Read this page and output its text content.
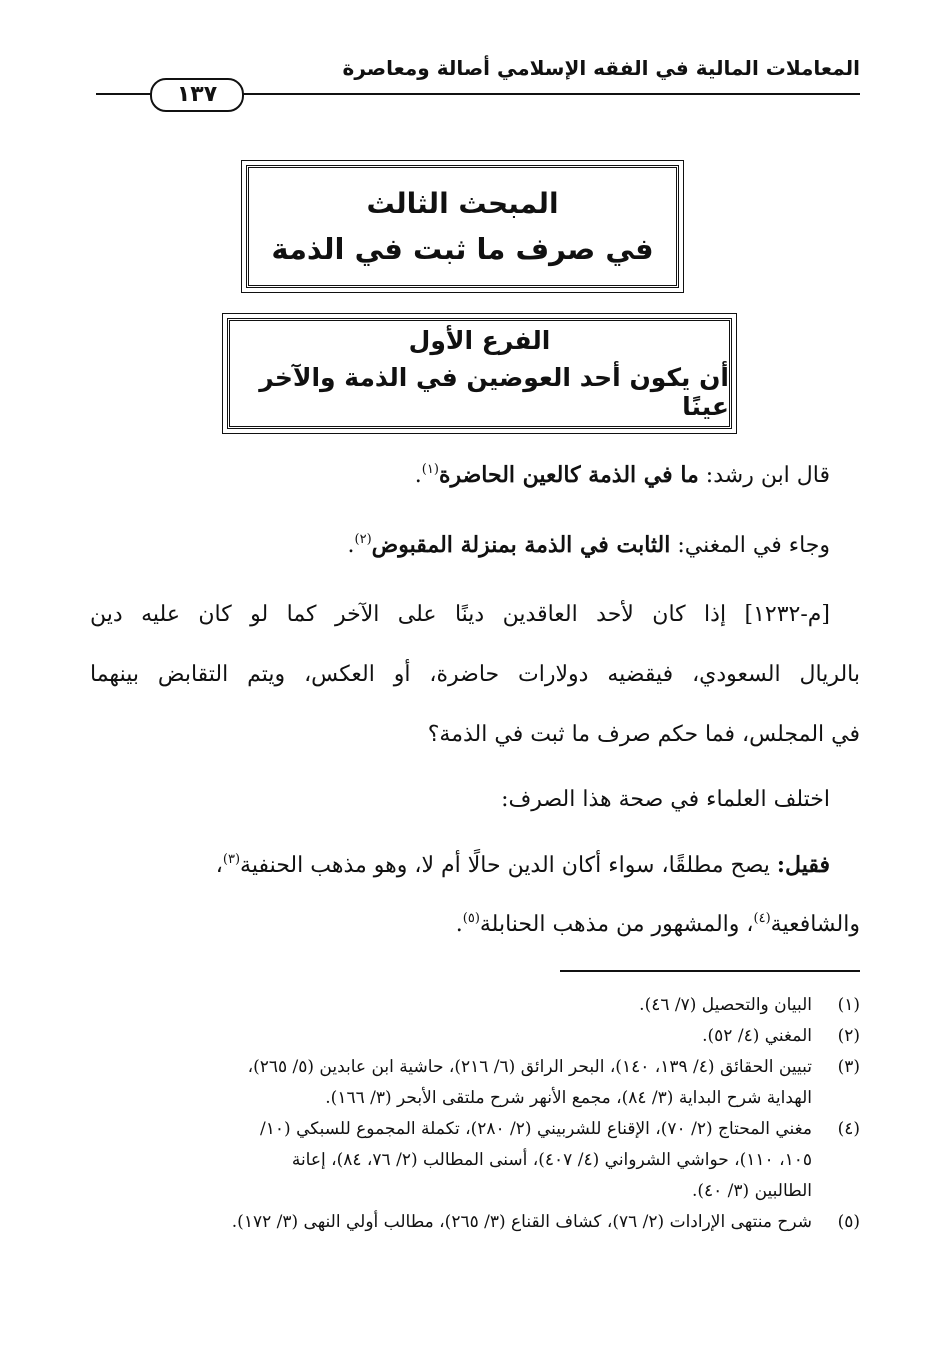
المعاملات المالية في الفقه الإسلامي أصالة ومعاصرة
١٣٧
المبحث الثالث
في صرف ما ثبت في الذمة
الفرع الأول
أن يكون أحد العوضين في الذمة والآخر عينًا
قال ابن رشد: ما في الذمة كالعين الحاضرة$^{(١)}$.
وجاء في المغني: الثابت في الذمة بمنزلة المقبوض$^{(٢)}$.
[م-١٢٣٢] إذا كان لأحد العاقدين دينًا على الآخر كما لو كان عليه دين
بالريال السعودي، فيقضيه دولارات حاضرة، أو العكس، ويتم التقابض بينهما
في المجلس، فما حكم صرف ما ثبت في الذمة؟
اختلف العلماء في صحة هذا الصرف:
فقيل: يصح مطلقًا، سواء أكان الدين حالًا أم لا، وهو مذهب الحنفية$^{(٣)}$،
والشافعية$^{(٤)}$، والمشهور من مذهب الحنابلة$^{(٥)}$.
(١)
البيان والتحصيل (٧/ ٤٦).
(٢)
المغني (٤/ ٥٢).
(٣)
تبيين الحقائق (٤/ ١٣٩، ١٤٠)، البحر الرائق (٦/ ٢١٦)، حاشية ابن عابدين (٥/ ٢٦٥)،
الهداية شرح البداية (٣/ ٨٤)، مجمع الأنهر شرح ملتقى الأبحر (٣/ ١٦٦).
(٤)
مغني المحتاج (٢/ ٧٠)، الإقناع للشربيني (٢/ ٢٨٠)، تكملة المجموع للسبكي (١٠/
١٠٥، ١١٠)، حواشي الشرواني (٤/ ٤٠٧)، أسنى المطالب (٢/ ٧٦، ٨٤)، إعانة
الطالبين (٣/ ٤٠).
(٥)
شرح منتهى الإرادات (٢/ ٧٦)، كشاف القناع (٣/ ٢٦٥)، مطالب أولي النهى (٣/ ١٧٢).
